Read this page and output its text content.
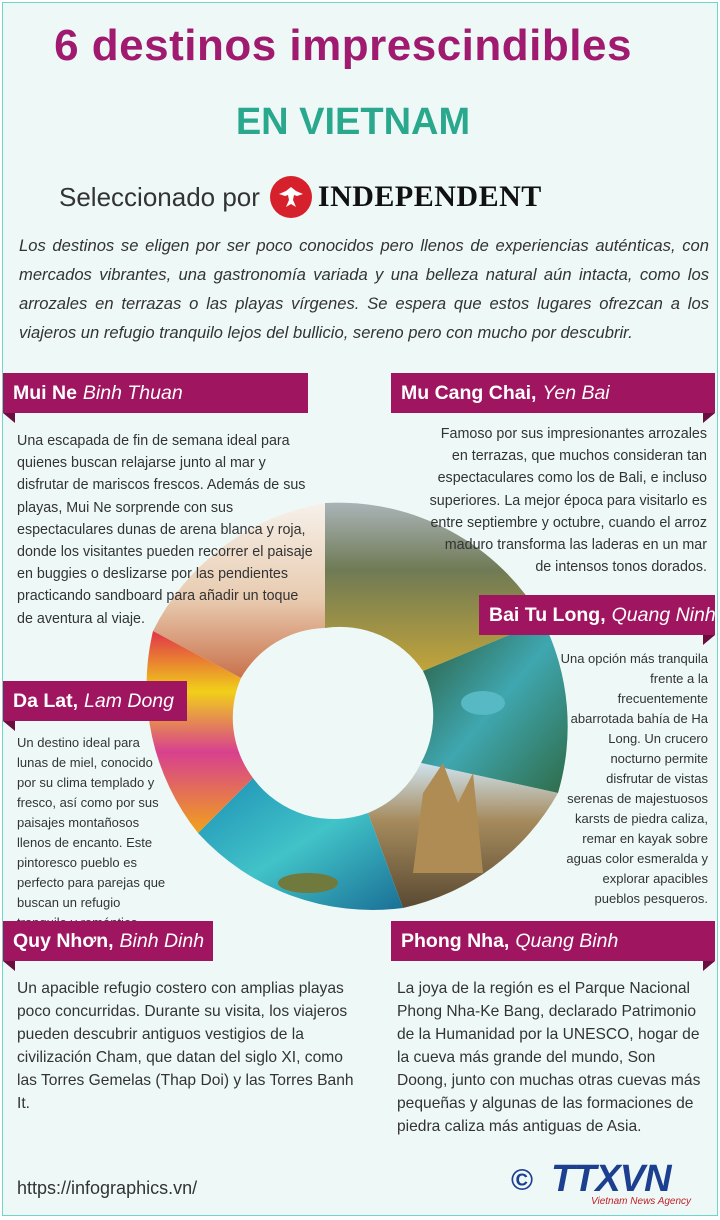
6 destinos imprescindibles
EN VIETNAM
Seleccionado por INDEPENDENT
Los destinos se eligen por ser poco conocidos pero llenos de experiencias auténticas, con mercados vibrantes, una gastronomía variada y una belleza natural aún intacta, como los arrozales en terrazas o las playas vírgenes. Se espera que estos lugares ofrezcan a los viajeros un refugio tranquilo lejos del bullicio, sereno pero con mucho por descubrir.
Mui Ne Binh Thuan
Una escapada de fin de semana ideal para quienes buscan relajarse junto al mar y disfrutar de mariscos frescos. Además de sus playas, Mui Ne sorprende con sus espectaculares dunas de arena blanca y roja, donde los visitantes pueden recorrer el paisaje en buggies o deslizarse por las pendientes practicando sandboard para añadir un toque de aventura al viaje.
Mu Cang Chai, Yen Bai
Famoso por sus impresionantes arrozales en terrazas, que muchos consideran tan espectaculares como los de Bali, e incluso superiores. La mejor época para visitarlo es entre septiembre y octubre, cuando el arroz maduro transforma las laderas en un mar de intensos tonos dorados.
Bai Tu Long, Quang Ninh
Una opción más tranquila frente a la frecuentemente abarrotada bahía de Ha Long. Un crucero nocturno permite disfrutar de vistas serenas de majestuosos karsts de piedra caliza, remar en kayak sobre aguas color esmeralda y explorar apacibles pueblos pesqueros.
Da Lat, Lam Dong
Un destino ideal para lunas de miel, conocido por su clima templado y fresco, así como por sus paisajes montañosos llenos de encanto. Este pintoresco pueblo es perfecto para parejas que buscan un refugio
Quy Nhơn, Binh Dinh
Un apacible refugio costero con amplias playas poco concurridas. Durante su visita, los viajeros pueden descubrir antiguos vestigios de la civilización Cham, que datan del siglo XI, como las Torres Gemelas (Thap Doi) y las Torres Banh It.
Phong Nha, Quang Binh
La joya de la región es el Parque Nacional Phong Nha-Ke Bang, declarado Patrimonio de la Humanidad por la UNESCO, hogar de la cueva más grande del mundo, Son Doong, junto con muchas otras cuevas más pequeñas y algunas de las formaciones de piedra caliza más antiguas de Asia.
https://infographics.vn/	© TTXVN
Vietnam News Agency
